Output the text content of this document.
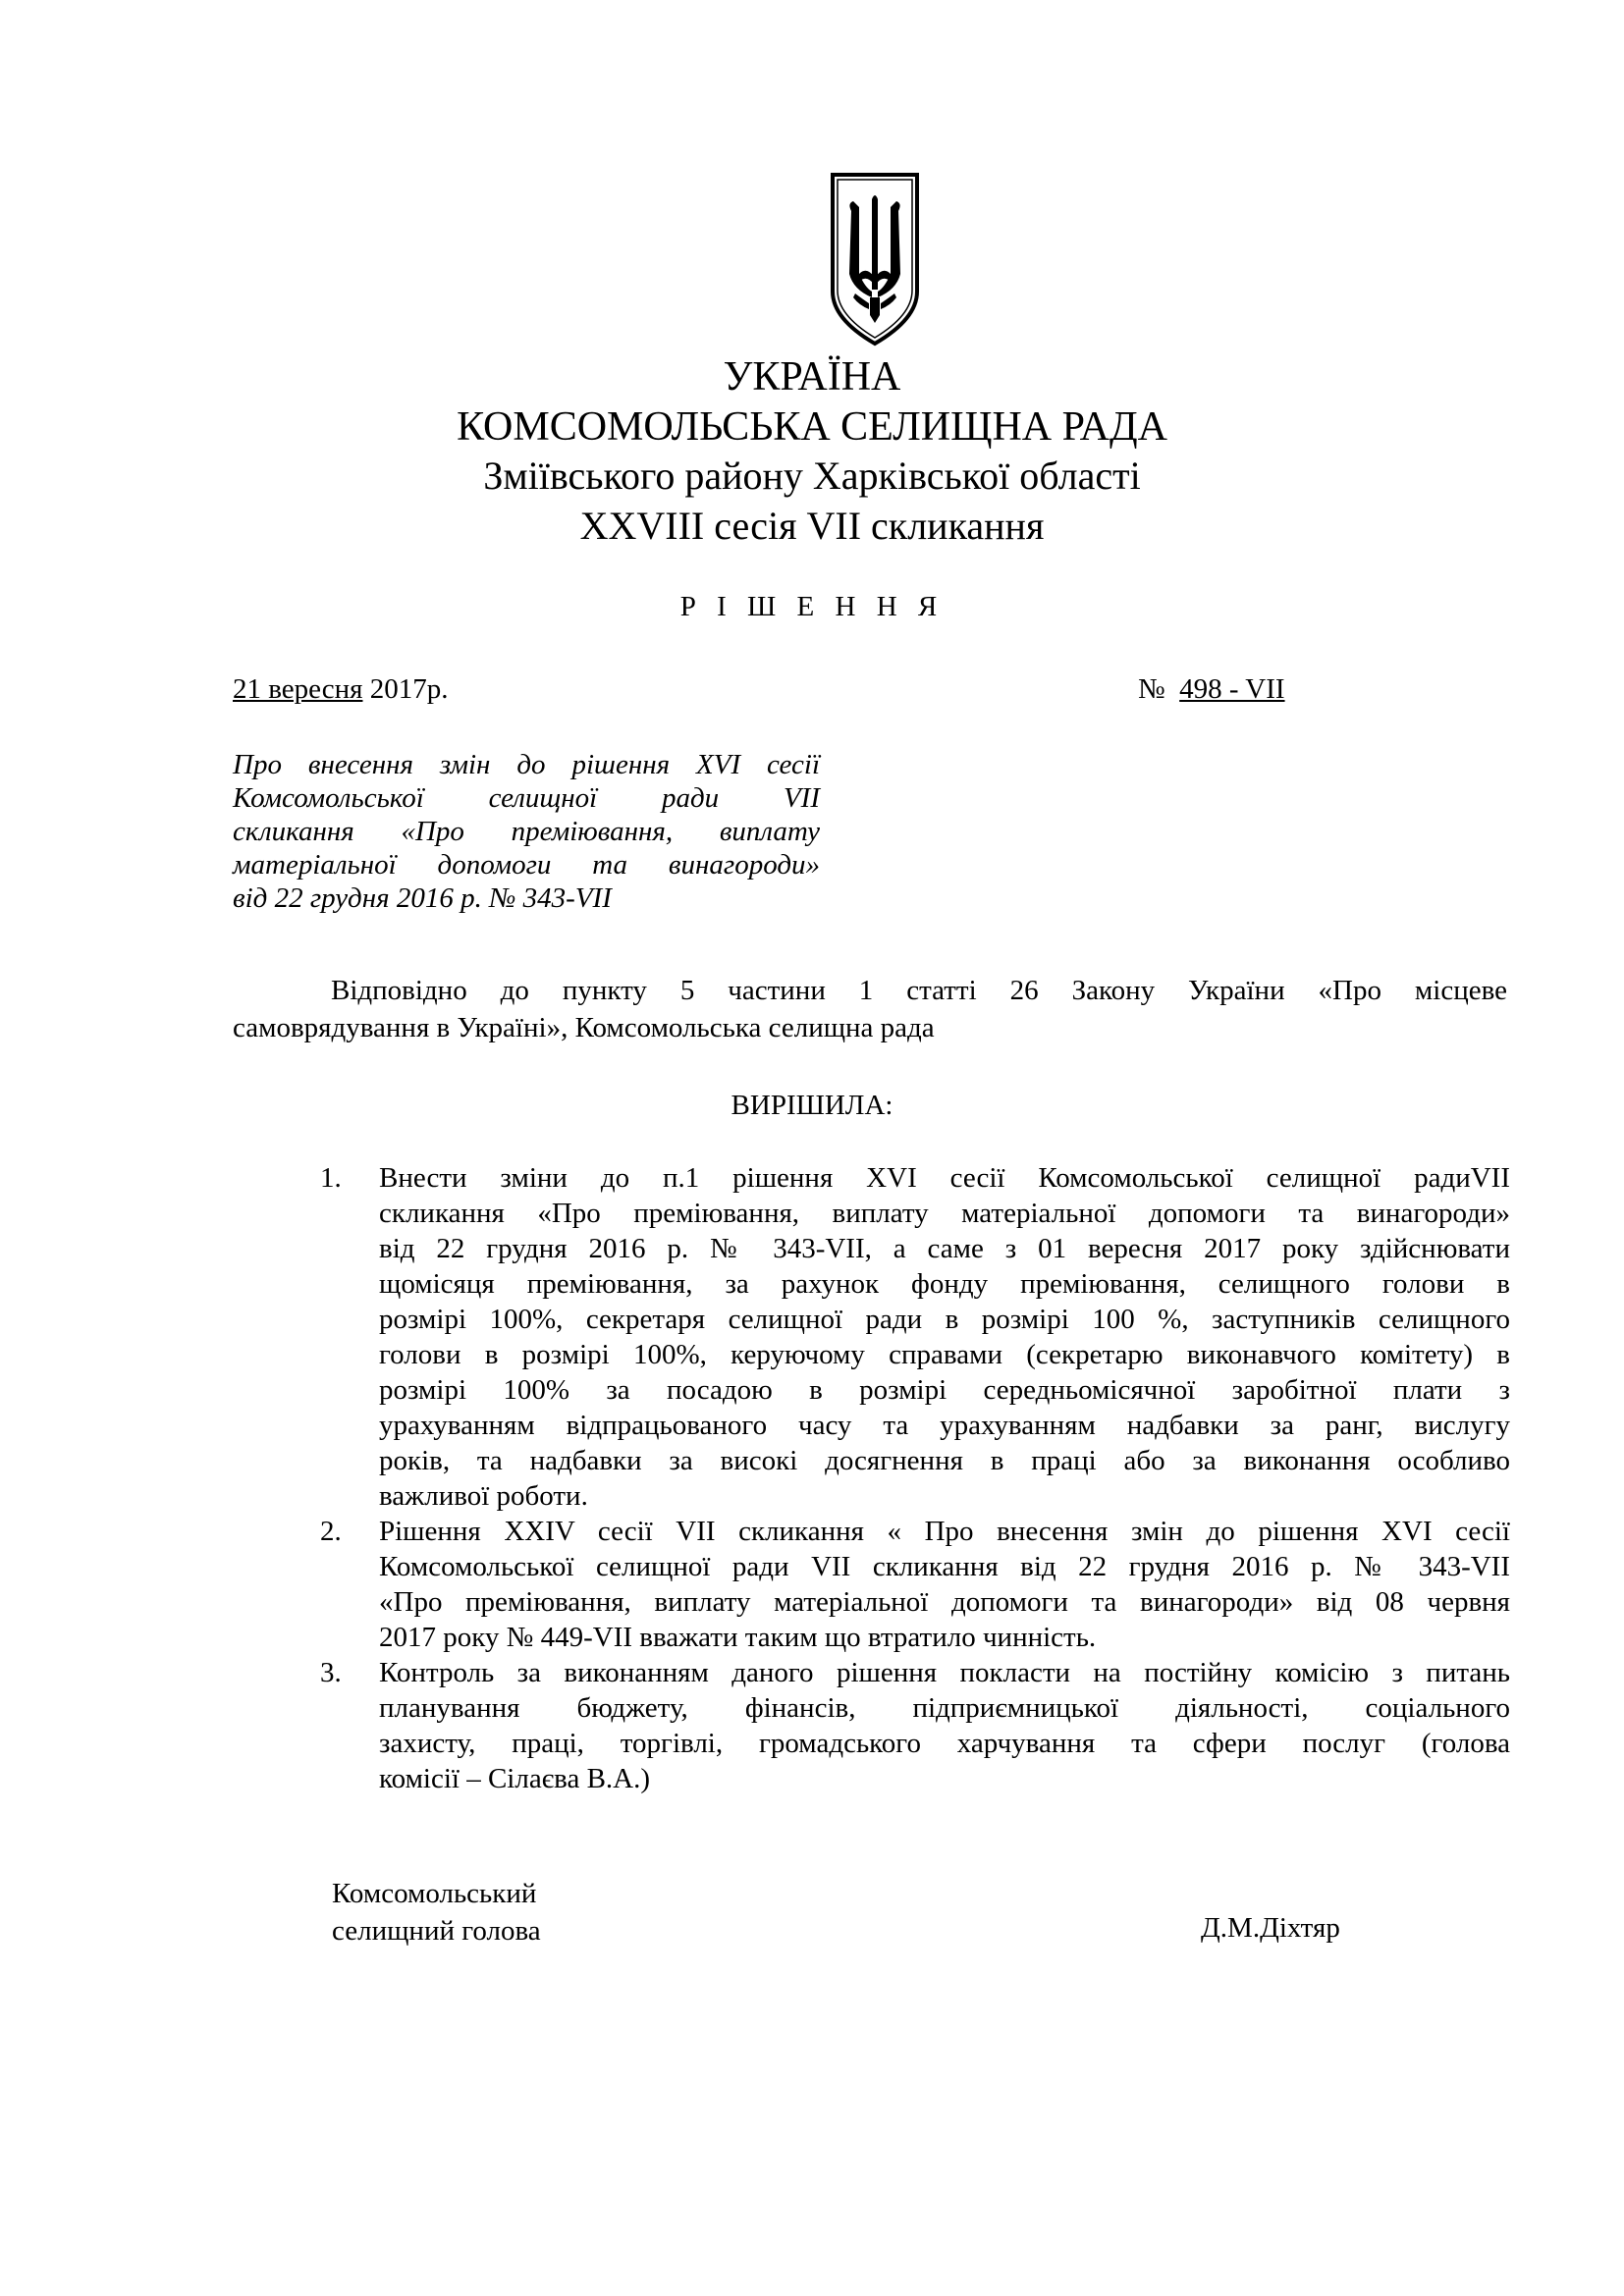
УКРАЇНА
КОМСОМОЛЬСЬКА СЕЛИЩНА РАДА
Зміївського району Харківської області
XXVIII сесія VII скликання
Р І Ш Е Н Н Я
21 вересня 2017р.	№  498 - VII
Про внесення змін до рішення XVI сесії
Комсомольської селищної ради VII
скликання «Про преміювання, виплату
матеріальної допомоги та винагороди»
від 22 грудня 2016 р. № 343-VII
Відповідно до пункту 5 частини 1 статті 26 Закону України «Про місцеве
самоврядування в Україні», Комсомольська селищна рада
ВИРІШИЛА:
1. Внести зміни до п.1 рішення XVI сесії Комсомольської селищної радиVII
скликання «Про преміювання, виплату матеріальної допомоги та винагороди»
від 22 грудня 2016 р. № 343-VII, а саме з 01 вересня 2017 року здійснювати
щомісяця преміювання, за рахунок фонду преміювання, селищного голови в
розмірі 100%, секретаря селищної ради в розмірі 100 %, заступників селищного
голови в розмірі 100%, керуючому справами (секретарю виконавчого комітету) в
розмірі 100% за посадою в розмірі середньомісячної заробітної плати з
урахуванням відпрацьованого часу та урахуванням надбавки за ранг, вислугу
років, та надбавки за високі досягнення в праці або за виконання особливо
важливої роботи.
2. Рішення XXIV сесії VII скликання « Про внесення змін до рішення XVI сесії
Комсомольської селищної ради VII скликання від 22 грудня 2016 р. № 343-VII
«Про преміювання, виплату матеріальної допомоги та винагороди» від 08 червня
2017 року № 449-VII вважати таким що втратило чинність.
3. Контроль за виконанням даного рішення покласти на постійну комісію з питань
планування бюджету, фінансів, підприємницької діяльності, соціального
захисту, праці, торгівлі, громадського харчування та сфери послуг (голова
комісії – Сілаєва В.А.)
Комсомольський
селищний голова	Д.М.Діхтяр
